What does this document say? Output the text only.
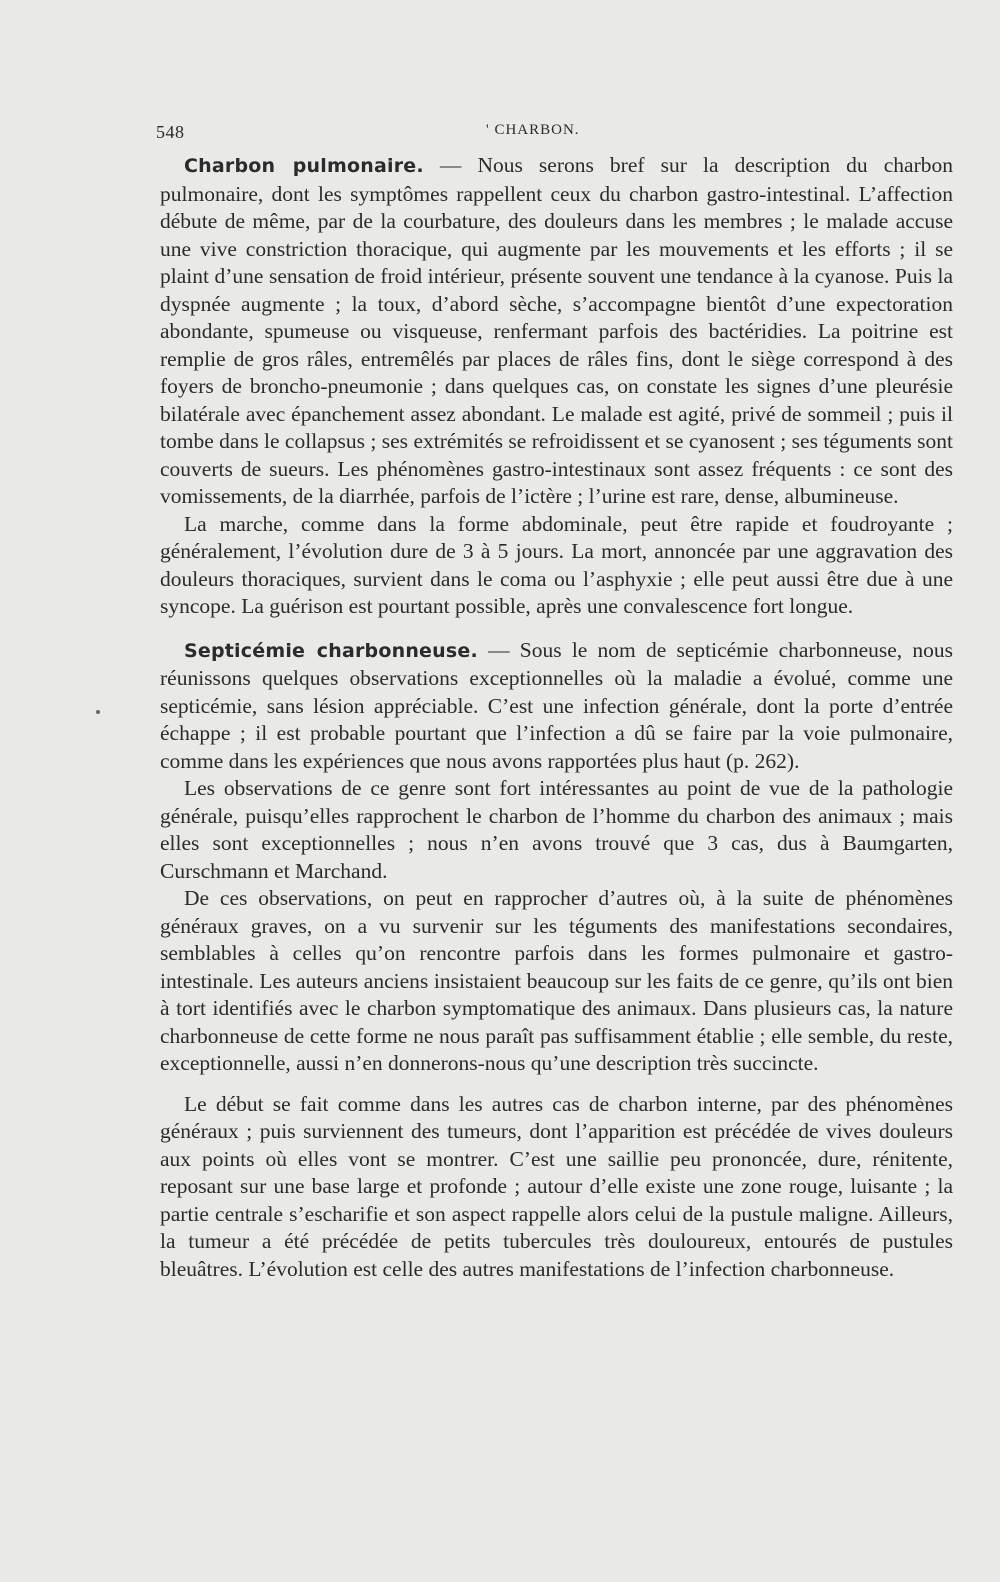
548	' CHARBON.

Charbon pulmonaire. — Nous serons bref sur la description du charbon pulmonaire, dont les symptômes rappellent ceux du charbon gastro-intestinal. L’affection débute de même, par de la courbature, des douleurs dans les membres ; le malade accuse une vive constriction thoracique, qui augmente par les mouvements et les efforts ; il se plaint d’une sensation de froid intérieur, présente souvent une tendance à la cyanose. Puis la dyspnée augmente ; la toux, d’abord sèche, s’accompagne bientôt d’une expectoration abondante, spumeuse ou visqueuse, renfermant parfois des bactéridies. La poitrine est remplie de gros râles, entremêlés par places de râles fins, dont le siège correspond à des foyers de broncho-pneumonie ; dans quelques cas, on constate les signes d’une pleurésie bilatérale avec épanchement assez abondant. Le malade est agité, privé de sommeil ; puis il tombe dans le collapsus ; ses extrémités se refroidissent et se cyanosent ; ses téguments sont couverts de sueurs. Les phénomènes gastro-intestinaux sont assez fréquents : ce sont des vomissements, de la diarrhée, parfois de l’ictère ; l’urine est rare, dense, albumineuse.

La marche, comme dans la forme abdominale, peut être rapide et foudroyante ; généralement, l’évolution dure de 3 à 5 jours. La mort, annoncée par une aggravation des douleurs thoraciques, survient dans le coma ou l’asphyxie ; elle peut aussi être due à une syncope. La guérison est pourtant possible, après une convalescence fort longue.

Septicémie charbonneuse. — Sous le nom de septicémie charbonneuse, nous réunissons quelques observations exceptionnelles où la maladie a évolué, comme une septicémie, sans lésion appréciable. C’est une infection générale, dont la porte d’entrée échappe ; il est probable pourtant que l’infection a dû se faire par la voie pulmonaire, comme dans les expériences que nous avons rapportées plus haut (p. 262).

Les observations de ce genre sont fort intéressantes au point de vue de la pathologie générale, puisqu’elles rapprochent le charbon de l’homme du charbon des animaux ; mais elles sont exceptionnelles ; nous n’en avons trouvé que 3 cas, dus à Baumgarten, Curschmann et Marchand.

De ces observations, on peut en rapprocher d’autres où, à la suite de phénomènes généraux graves, on a vu survenir sur les téguments des manifestations secondaires, semblables à celles qu’on rencontre parfois dans les formes pulmonaire et gastro-intestinale. Les auteurs anciens insistaient beaucoup sur les faits de ce genre, qu’ils ont bien à tort identifiés avec le charbon symptomatique des animaux. Dans plusieurs cas, la nature charbonneuse de cette forme ne nous paraît pas suffisamment établie ; elle semble, du reste, exceptionnelle, aussi n’en donnerons-nous qu’une description très succincte.

Le début se fait comme dans les autres cas de charbon interne, par des phénomènes généraux ; puis surviennent des tumeurs, dont l’apparition est précédée de vives douleurs aux points où elles vont se montrer. C’est une saillie peu prononcée, dure, rénitente, reposant sur une base large et profonde ; autour d’elle existe une zone rouge, luisante ; la partie centrale s’escharifie et son aspect rappelle alors celui de la pustule maligne. Ailleurs, la tumeur a été précédée de petits tubercules très douloureux, entourés de pustules bleuâtres. L’évolution est celle des autres manifestations de l’infection charbonneuse.
